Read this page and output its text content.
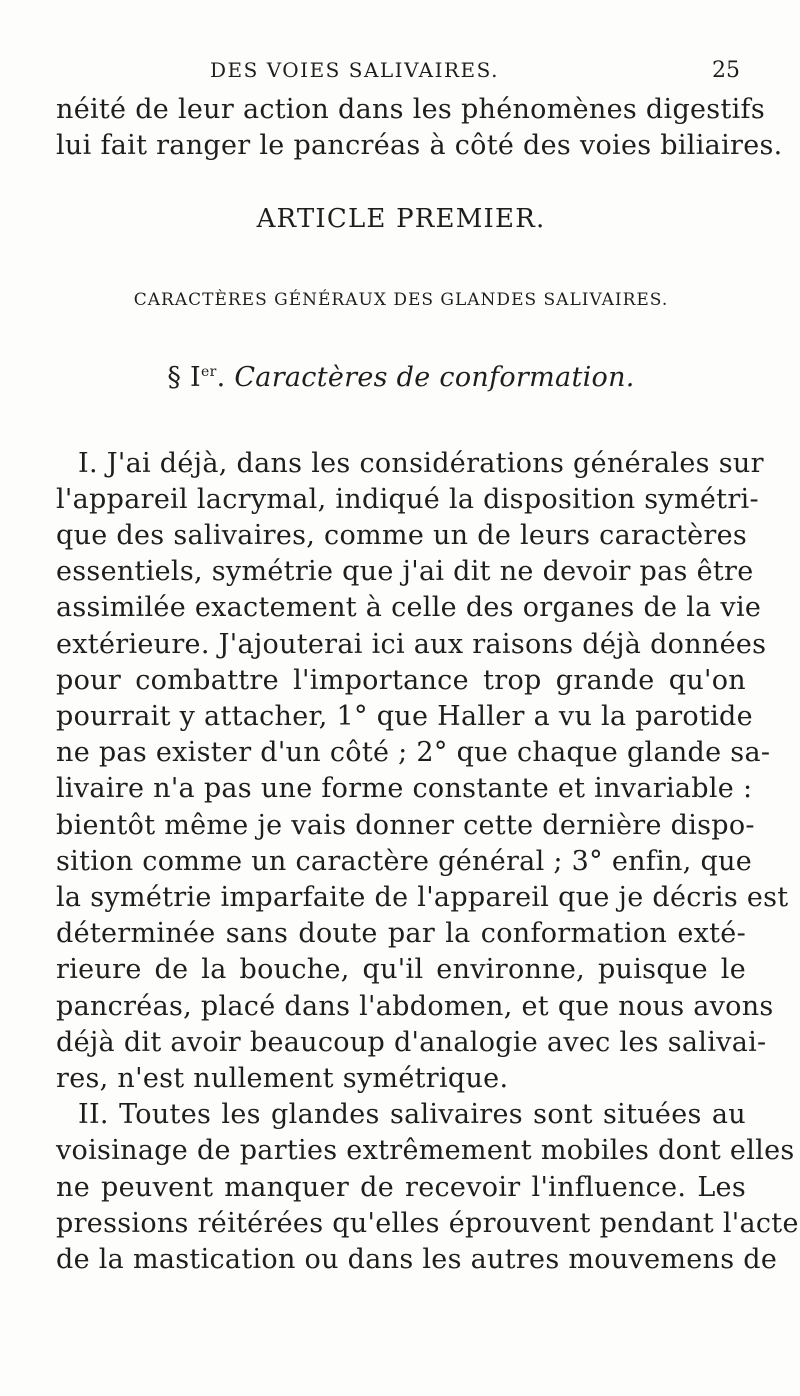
DES VOIES SALIVAIRES.	25
néité de leur action dans les phénomènes digestifs
lui fait ranger le pancréas à côté des voies biliaires.
ARTICLE PREMIER.
CARACTÈRES GÉNÉRAUX DES GLANDES SALIVAIRES.
§ Ier. Caractères de conformation.
I. J'ai déjà, dans les considérations générales sur
l'appareil lacrymal, indiqué la disposition symétri-
que des salivaires, comme un de leurs caractères
essentiels, symétrie que j'ai dit ne devoir pas être
assimilée exactement à celle des organes de la vie
extérieure. J'ajouterai ici aux raisons déjà données
pour combattre l'importance trop grande qu'on
pourrait y attacher, 1° que Haller a vu la parotide
ne pas exister d'un côté ; 2° que chaque glande sa-
livaire n'a pas une forme constante et invariable :
bientôt même je vais donner cette dernière dispo-
sition comme un caractère général ; 3° enfin, que
la symétrie imparfaite de l'appareil que je décris est
déterminée sans doute par la conformation exté-
rieure de la bouche, qu'il environne, puisque le
pancréas, placé dans l'abdomen, et que nous avons
déjà dit avoir beaucoup d'analogie avec les salivai-
res, n'est nullement symétrique.
II. Toutes les glandes salivaires sont situées au
voisinage de parties extrêmement mobiles dont elles
ne peuvent manquer de recevoir l'influence. Les
pressions réitérées qu'elles éprouvent pendant l'acte
de la mastication ou dans les autres mouvemens de
